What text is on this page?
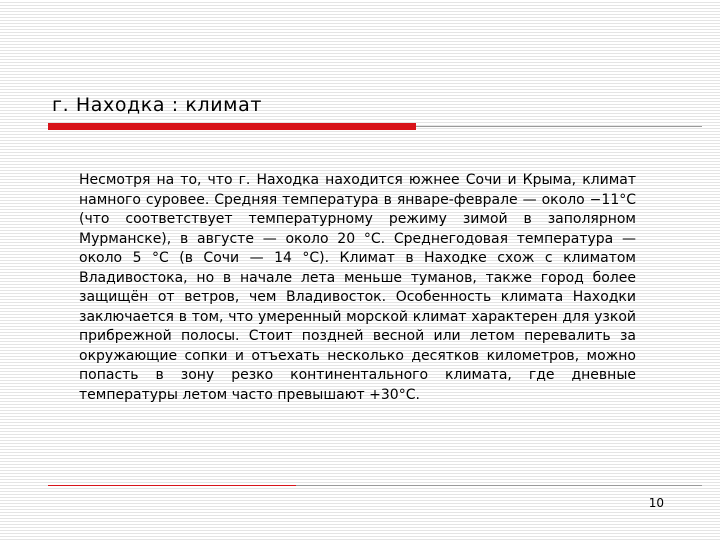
г. Находка : климат
Несмотря на то, что г. Находка находится южнее Сочи и Крыма, климат намного суровее. Средняя температура в январе-феврале — около −11°C (что соответствует температурному режиму зимой в заполярном Мурманске), в августе — около 20 °C. Среднегодовая температура — около 5 °C (в Сочи — 14 °C). Климат в Находке схож с климатом Владивостока, но в начале лета меньше туманов, также город более защищён от ветров, чем Владивосток. Особенность климата Находки заключается в том, что умеренный морской климат характерен для узкой прибрежной полосы. Стоит поздней весной или летом перевалить за окружающие сопки и отъехать несколько десятков километров, можно попасть в зону резко континентального климата, где дневные температуры летом часто превышают +30°C.
10
